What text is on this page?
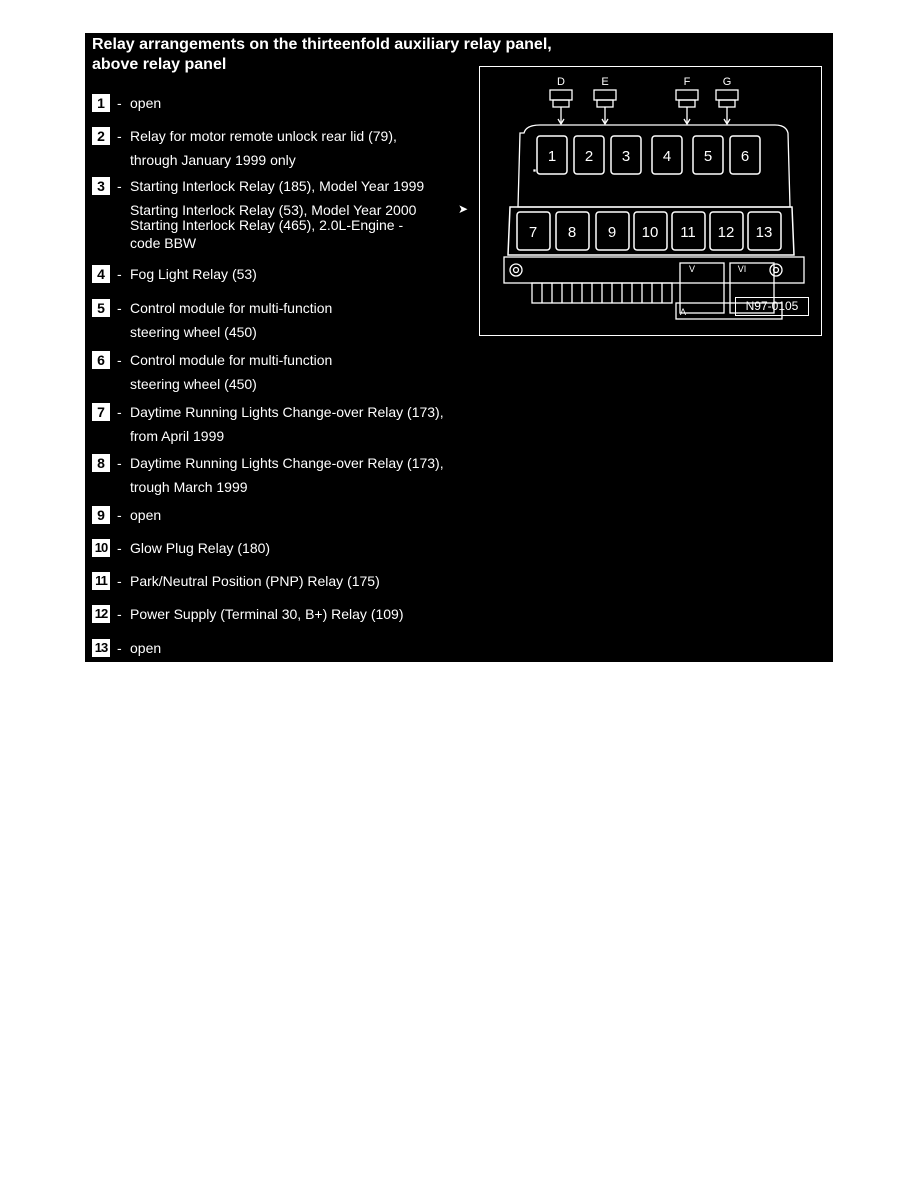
Relay arrangements on the thirteenfold auxiliary relay panel,
above relay panel
1 - open
2 - Relay for motor remote unlock rear lid (79),
through January 1999 only
3 - Starting Interlock Relay (185), Model Year 1999
Starting Interlock Relay (53), Model Year 2000
Starting Interlock Relay (465), 2.0L-Engine -
code BBW
4 - Fog Light Relay (53)
5 - Control module for multi-function
steering wheel (450)
6 - Control module for multi-function
steering wheel (450)
7 - Daytime Running Lights Change-over Relay (173),
from April 1999
8 - Daytime Running Lights Change-over Relay (173),
trough March 1999
9 - open
10 - Glow Plug Relay (180)
11 - Park/Neutral Position (PNP) Relay (175)
12 - Power Supply (Terminal 30, B+) Relay (109)
13 - open
➤
1 2 3 4 5 6
7 8 9 10 11 12 13
D	E	F	G
V	VI
A	N97-0105
